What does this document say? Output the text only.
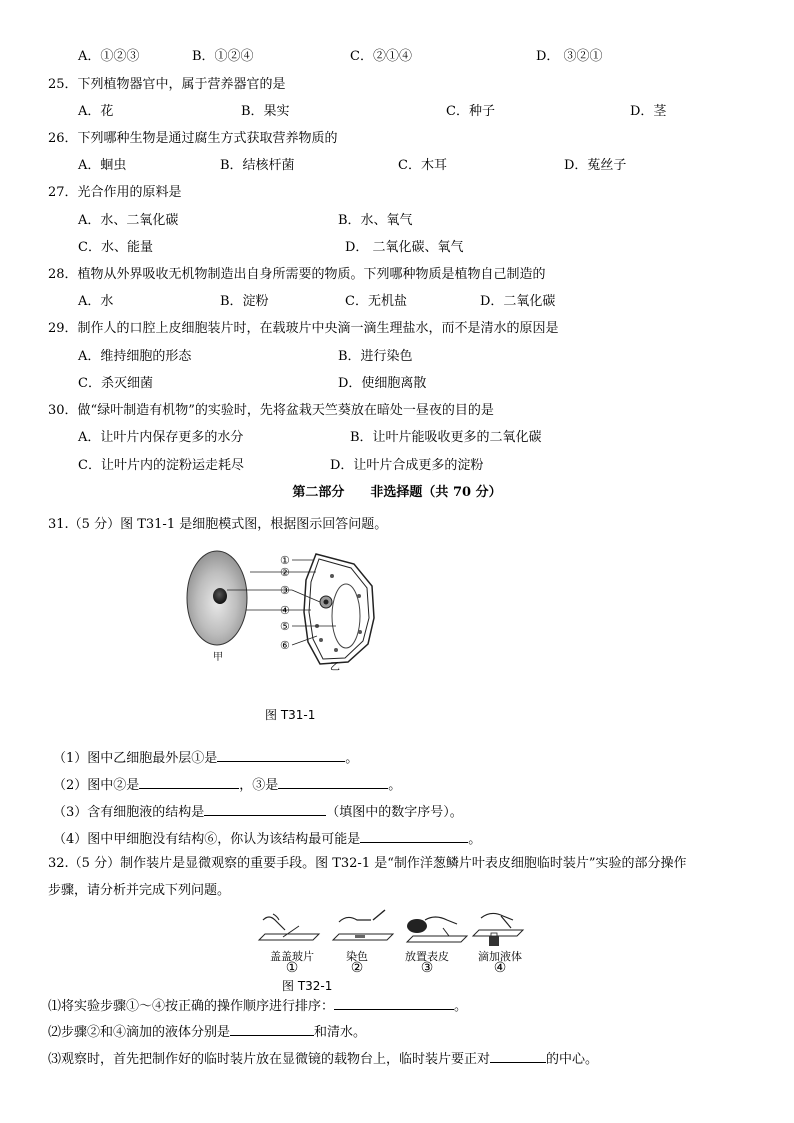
A．①②③	B．①②④	C．②①④	D． ③②①
25．下列植物器官中，属于营养器官的是
A．花	B．果实	C．种子	D．茎
26．下列哪种生物是通过腐生方式获取营养物质的
A．蛔虫	B．结核杆菌	C．木耳	D．菟丝子
27．光合作用的原料是
A．水、二氧化碳	B．水、氧气
C．水、能量	D． 二氧化碳、氧气
28．植物从外界吸收无机物制造出自身所需要的物质。下列哪种物质是植物自己制造的
A．水	B．淀粉	C．无机盐	D．二氧化碳
29．制作人的口腔上皮细胞装片时，在载玻片中央滴一滴生理盐水，而不是清水的原因是
A．维持细胞的形态	B．进行染色
C．杀灭细菌	D．使细胞离散
30．做“绿叶制造有机物”的实验时，先将盆栽天竺葵放在暗处一昼夜的目的是
A．让叶片内保存更多的水分	B．让叶片能吸收更多的二氧化碳
C．让叶片内的淀粉运走耗尽	D．让叶片合成更多的淀粉
第二部分　　非选择题（共 70 分）
31.（5 分）图 T31-1 是细胞模式图，根据图示回答问题。
①
②
③
④
⑤
⑥
甲
乙
图 T31-1
（1）图中乙细胞最外层①是	。
（2）图中②是	，③是	。
（3）含有细胞液的结构是	（填图中的数字序号）。
（4）图中甲细胞没有结构⑥，你认为该结构最可能是	。
32.（5 分）制作装片是显微观察的重要手段。图 T32-1 是“制作洋葱鳞片叶表皮细胞临时装片”实验的部分操作
步骤，请分析并完成下列问题。
盖盖玻片	染色	放置表皮	滴加液体
①	②	③	④
图 T32-1
⑴将实验步骤①～④按正确的操作顺序进行排序：	。
⑵步骤②和④滴加的液体分别是	和清水。
⑶观察时，首先把制作好的临时装片放在显微镜的载物台上，临时装片要正对	的中心。
